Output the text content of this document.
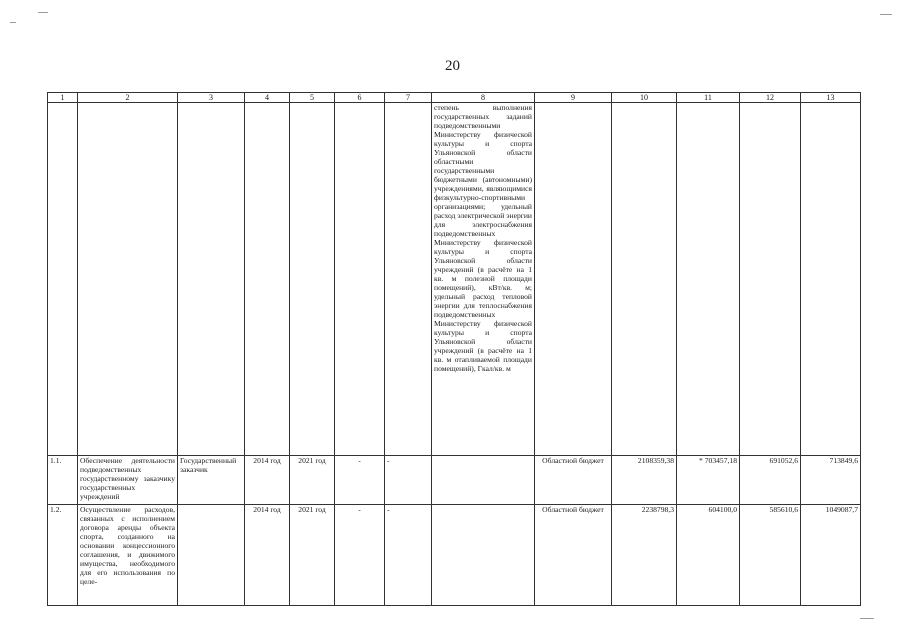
20
1	2	3	4	5	6	7	8	9	10	11	12	13
							степень выполнения государственных заданий подведомственными Министерству физической культуры и спорта Ульяновской области областными государственными бюджетными (автономными) учреждениями, являющимися физкультурно-спортивными организациями; удельный расход электрической энергии для электроснабжения подведомственных Министерству физической культуры и спорта Ульяновской области учреждений (в расчёте на 1 кв. м полезной площади помещений), кВт/кв. м; удельный расход тепловой энергии для теплоснабжения подведомственных Министерству физической культуры и спорта Ульяновской области учреждений (в расчёте на 1 кв. м отапливаемой площади помещений), Гкал/кв. м					
1.1.	Обеспечение деятельности подведомственных государственному заказчику государственных учреждений	Государственный заказчик	2014 год	2021 год	-	-		Областной бюджет	2108359,38	* 703457,18	691052,6	713849,6
1.2.	Осуществление расходов, связанных с исполнением договора аренды объекта спорта, созданного на основании концессионного соглашения, и движимого имущества, необходимого для его использования по целе-		2014 год	2021 год	-	-		Областной бюджет	2238798,3	604100,0	585610,6	1049087,7
